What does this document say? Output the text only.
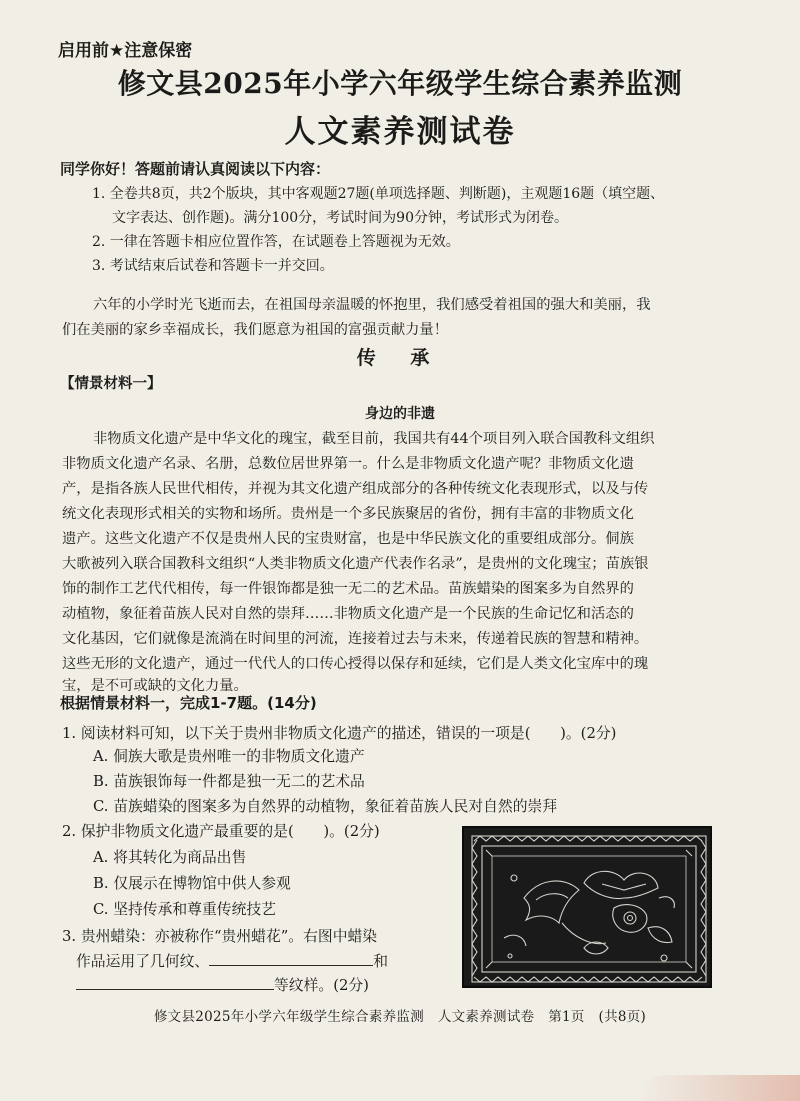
启用前★注意保密
修文县2025年小学六年级学生综合素养监测
人文素养测试卷
同学你好！答题前请认真阅读以下内容：
1. 全卷共8页，共2个版块，其中客观题27题(单项选择题、判断题)，主观题16题（填空题、
文字表达、创作题)。满分100分，考试时间为90分钟，考试形式为闭卷。
2. 一律在答题卡相应位置作答，在试题卷上答题视为无效。
3. 考试结束后试卷和答题卡一并交回。
六年的小学时光飞逝而去，在祖国母亲温暖的怀抱里，我们感受着祖国的强大和美丽，我
们在美丽的家乡幸福成长，我们愿意为祖国的富强贡献力量！
传 承
【情景材料一】
身边的非遗
非物质文化遗产是中华文化的瑰宝，截至目前，我国共有44个项目列入联合国教科文组织
非物质文化遗产名录、名册，总数位居世界第一。什么是非物质文化遗产呢？非物质文化遗
产，是指各族人民世代相传，并视为其文化遗产组成部分的各种传统文化表现形式，以及与传
统文化表现形式相关的实物和场所。贵州是一个多民族聚居的省份，拥有丰富的非物质文化
遗产。这些文化遗产不仅是贵州人民的宝贵财富，也是中华民族文化的重要组成部分。侗族
大歌被列入联合国教科文组织“人类非物质文化遗产代表作名录”，是贵州的文化瑰宝；苗族银
饰的制作工艺代代相传，每一件银饰都是独一无二的艺术品。苗族蜡染的图案多为自然界的
动植物，象征着苗族人民对自然的崇拜……非物质文化遗产是一个民族的生命记忆和活态的
文化基因，它们就像是流淌在时间里的河流，连接着过去与未来，传递着民族的智慧和精神。
这些无形的文化遗产，通过一代代人的口传心授得以保存和延续，它们是人类文化宝库中的瑰
宝，是不可或缺的文化力量。
根据情景材料一，完成1-7题。(14分)
1. 阅读材料可知，以下关于贵州非物质文化遗产的描述，错误的一项是(　　)。(2分)
A. 侗族大歌是贵州唯一的非物质文化遗产
B. 苗族银饰每一件都是独一无二的艺术品
C. 苗族蜡染的图案多为自然界的动植物，象征着苗族人民对自然的崇拜
2. 保护非物质文化遗产最重要的是(　　)。(2分)
A. 将其转化为商品出售
B. 仅展示在博物馆中供人参观
C. 坚持传承和尊重传统技艺
3. 贵州蜡染：亦被称作“贵州蜡花”。右图中蜡染
作品运用了几何纹、	和
等纹样。(2分)
修文县2025年小学六年级学生综合素养监测　人文素养测试卷　第1页　(共8页)
